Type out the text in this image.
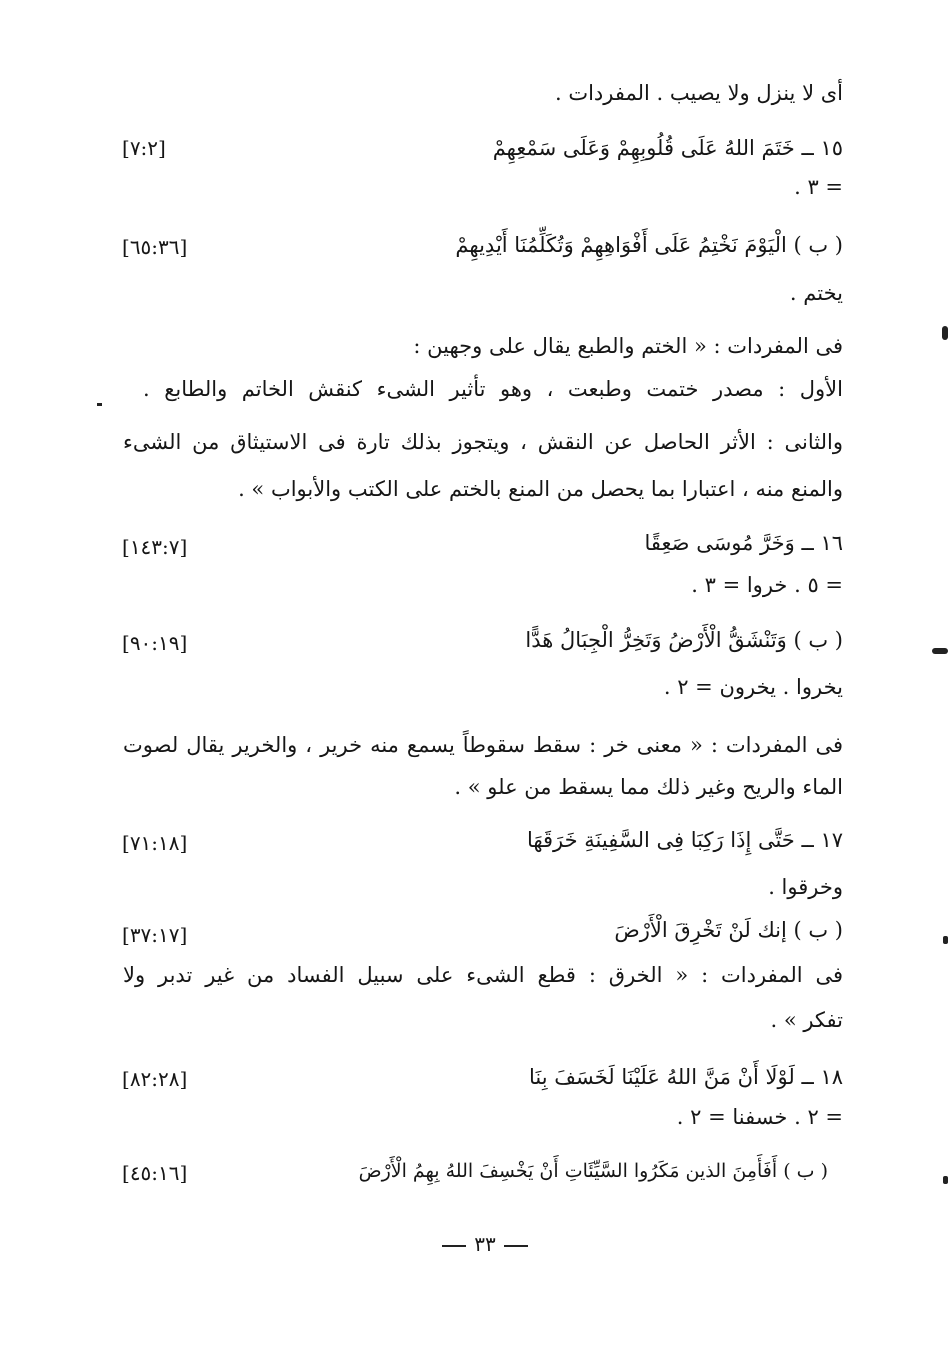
أى لا ينزل ولا يصيب . المفردات .
١٥ ــ خَتَمَ اللهُ عَلَى قُلُوبِهِمْ وَعَلَى سَمْعِهِمْ
[٧:٢]
= ٣ .
( ب ) الْيَوْمَ نَخْتِمُ عَلَى أَفْوَاهِهِمْ وَتُكَلِّمُنَا أَيْدِيهِمْ
[٦٥:٣٦]
يختم .
فى المفردات : « الختم والطبع يقال على وجهين :
الأول : مصدر ختمت وطبعت ، وهو تأثير الشىء كنقش الخاتم والطابع .
والثانى : الأثر الحاصل عن النقش ، ويتجوز بذلك تارة فى الاستيثاق من الشىء
والمنع منه ، اعتبارا بما يحصل من المنع بالختم على الكتب والأبواب » .
١٦ ــ وَخَرَّ مُوسَى صَعِقًا
[١٤٣:٧]
= ٥ . خروا = ٣ .
( ب ) وَتَنْشَقُّ الْأَرْضُ وَتَخِرُّ الْجِبَالُ هَدًّا
[٩٠:١٩]
يخروا . يخرون = ٢ .
فى المفردات : « معنى خر : سقط سقوطاً يسمع منه خرير ، والخرير يقال لصوت
الماء والريح وغير ذلك مما يسقط من علو » .
١٧ ــ حَتَّى إِذَا رَكِبَا فِى السَّفِينَةِ خَرَقَهَا
[٧١:١٨]
وخرقوا .
( ب ) إنك لَنْ تَخْرِقَ الْأَرْضَ
[٣٧:١٧]
فى المفردات : « الخرق : قطع الشىء على سبيل الفساد من غير تدبر ولا
تفكر » .
١٨ ــ لَوْلَا أَنْ مَنَّ اللهُ عَلَيْنَا لَخَسَفَ بِنَا
[٨٢:٢٨]
= ٢ . خسفنا = ٢ .
( ب ) أَفَأَمِنَ الذين مَكَرُوا السَّيِّئَاتِ أَنْ يَخْسِفَ اللهُ بِهِمُ الْأَرْضَ
[٤٥:١٦]
٣٣
